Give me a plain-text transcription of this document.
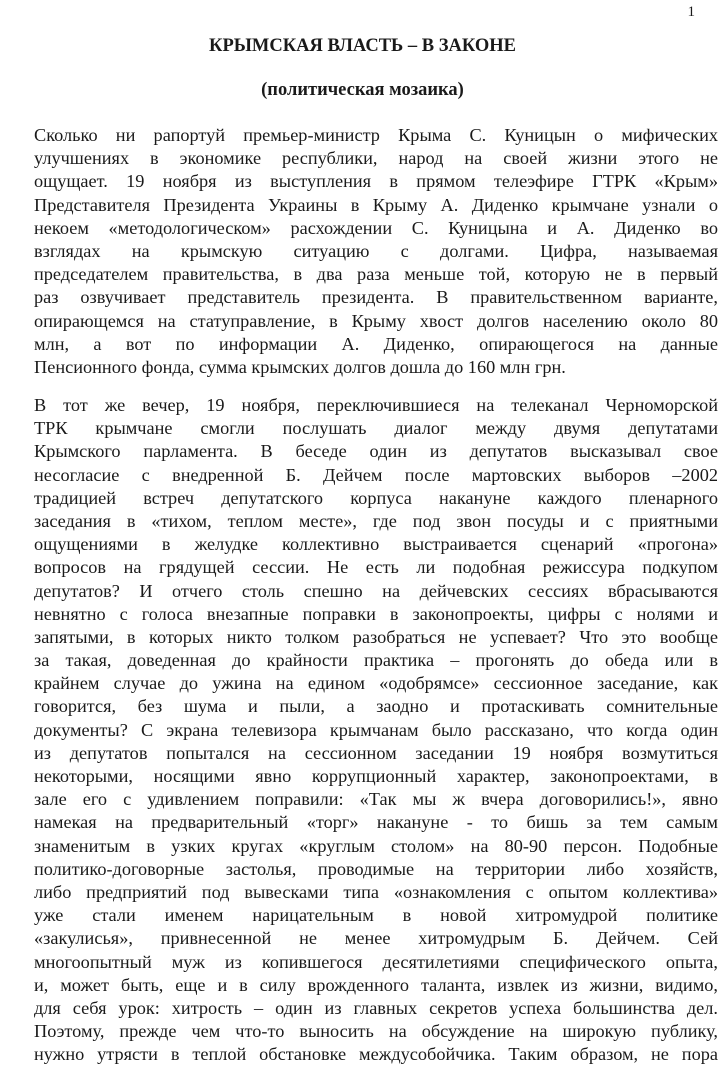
1
КРЫМСКАЯ ВЛАСТЬ – В ЗАКОНЕ
(политическая мозаика)
Сколько ни рапортуй премьер-министр Крыма С. Куницын о мифических
улучшениях в экономике республики, народ на своей жизни этого не
ощущает. 19 ноября из выступления в прямом телеэфире ГТРК «Крым»
Представителя Президента Украины в Крыму А. Диденко крымчане узнали о
некоем «методологическом» расхождении С. Куницына и А. Диденко во
взглядах на крымскую ситуацию с долгами. Цифра, называемая
председателем правительства, в два раза меньше той, которую не в первый
раз озвучивает представитель президента. В правительственном варианте,
опирающемся на статуправление, в Крыму хвост долгов населению около 80
млн, а вот по информации А. Диденко, опирающегося на данные
Пенсионного фонда, сумма крымских долгов дошла до 160 млн грн.
В тот же вечер, 19 ноября, переключившиеся на телеканал Черноморской
ТРК крымчане смогли послушать диалог между двумя депутатами
Крымского парламента. В беседе один из депутатов высказывал свое
несогласие с внедренной Б. Дейчем после мартовских выборов –2002
традицией встреч депутатского корпуса накануне каждого пленарного
заседания в «тихом, теплом месте», где под звон посуды и с приятными
ощущениями в желудке коллективно выстраивается сценарий «прогона»
вопросов на грядущей сессии. Не есть ли подобная режиссура подкупом
депутатов? И отчего столь спешно на дейчевских сессиях вбрасываются
невнятно с голоса внезапные поправки в законопроекты, цифры с нолями и
запятыми, в которых никто толком разобраться не успевает? Что это вообще
за такая, доведенная до крайности практика – прогонять до обеда или в
крайнем случае до ужина на едином «одобрямсе» сессионное заседание, как
говорится, без шума и пыли, а заодно и протаскивать сомнительные
документы? С экрана телевизора крымчанам было рассказано, что когда один
из депутатов попытался на сессионном заседании 19 ноября возмутиться
некоторыми, носящими явно коррупционный характер, законопроектами, в
зале его с удивлением поправили: «Так мы ж вчера договорились!», явно
намекая на предварительный «торг» накануне - то бишь за тем самым
знаменитым в узких кругах «круглым столом» на 80-90 персон. Подобные
политико-договорные застолья, проводимые на территории либо хозяйств,
либо предприятий под вывесками типа «ознакомления с опытом коллектива»
уже стали именем нарицательным в новой хитромудрой политике
«закулисья», привнесенной не менее хитромудрым Б. Дейчем. Сей
многоопытный муж из копившегося десятилетиями специфического опыта,
и, может быть, еще и в силу врожденного таланта, извлек из жизни, видимо,
для себя урок: хитрость – один из главных секретов успеха большинства дел.
Поэтому, прежде чем что-то выносить на обсуждение на широкую публику,
нужно утрясти в теплой обстановке междусобойчика. Таким образом, не пора
